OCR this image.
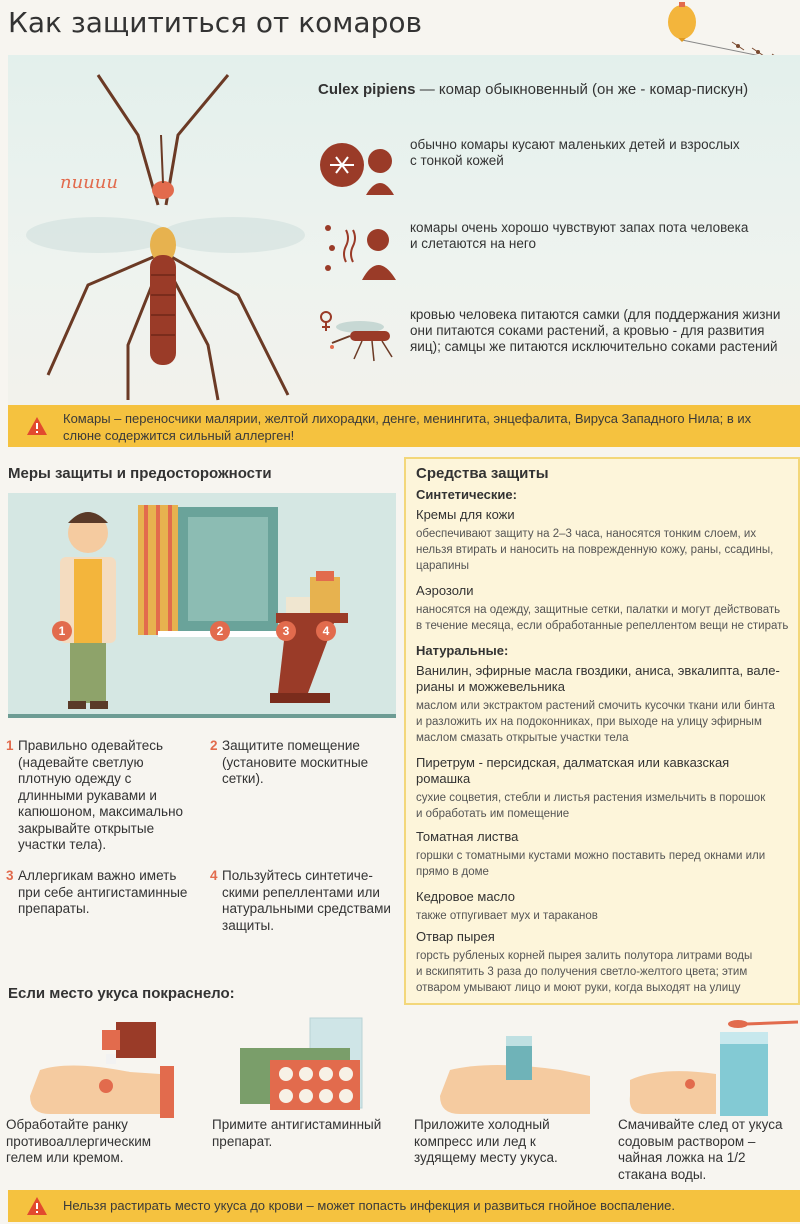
Как защититься от комаров
пииии
Culex pipiens — комар обыкновенный (он же - комар-пискун)
обычно комары кусают маленьких детей и взрослых
с тонкой кожей
комары очень хорошо чувствуют запах пота человека
и слетаются на него
кровью человека питаются самки (для поддержания жизни
они питаются соками растений, а кровью - для развития
яиц); самцы же питаются исключительно соками растений
Комары – переносчики малярии, желтой лихорадки, денге, менингита, энцефалита, Вируса Западного Нила; в их
слюне содержится сильный аллерген!
Меры защиты и предосторожности
1	2	3	4
1 Правильно одевайтесь
(надевайте светлую
плотную одежду с
длинными рукавами и
капюшоном, максимально
закрывайте открытые
участки тела).
2 Защитите помещение
(установите москитные
сетки).
3 Аллергикам важно иметь
при себе антигистаминные
препараты.
4 Пользуйтесь синтетиче-
скими репеллентами или
натуральными средствами
защиты.
Средства защиты
Синтетические:
Кремы для кожи
обеспечивают защиту на 2–3 часа, наносятся тонким слоем, их
нельзя втирать и наносить на поврежденную кожу, раны, ссадины,
царапины
Аэрозоли
наносятся на одежду, защитные сетки, палатки и могут действовать
в течение месяца, если обработанные репеллентом вещи не стирать
Натуральные:
Ванилин, эфирные масла гвоздики, аниса, эвкалипта, вале-
рианы и можжевельника
маслом или экстрактом растений смочить кусочки ткани или бинта
и разложить их на подоконниках, при выходе на улицу эфирным
маслом смазать открытые участки тела
Пиретрум - персидская, далматская или кавказская
ромашка
сухие соцветия, стебли и листья растения измельчить в порошок
и обработать им помещение
Томатная листва
горшки с томатными кустами можно поставить перед окнами или
прямо в доме
Кедровое масло
также отпугивает мух и тараканов
Отвар пырея
горсть рубленых корней пырея залить полутора литрами воды
и вскипятить 3 раза до получения светло-желтого цвета; этим
отваром умывают лицо и моют руки, когда выходят на улицу
Если место укуса покраснело:
Обработайте ранку
противоаллергическим
гелем или кремом.
Примите антигистаминный
препарат.
Приложите холодный
компресс или лед к
зудящему месту укуса.
Смачивайте след от укуса
содовым раствором –
чайная ложка на 1/2
стакана воды.
Нельзя растирать место укуса до крови – может попасть инфекция и развиться гнойное воспаление.
